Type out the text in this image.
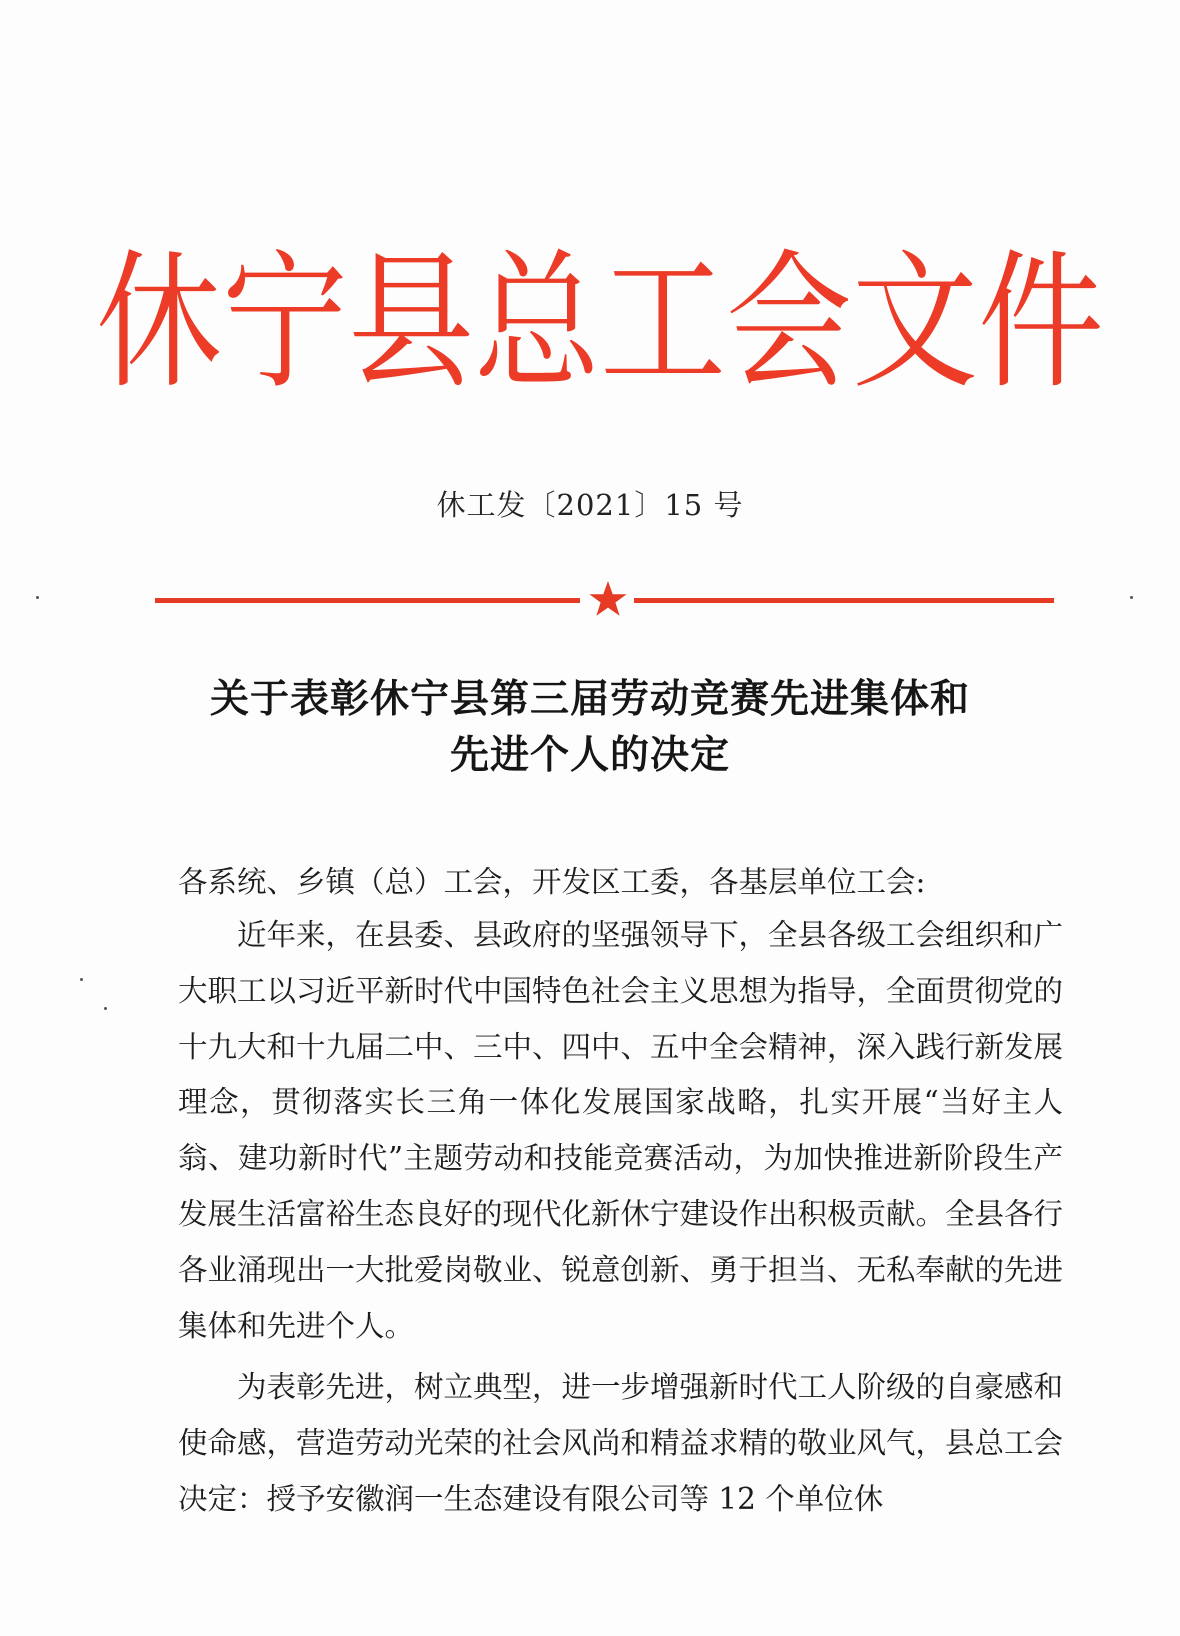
休宁县总工会文件
休工发〔2021〕15 号
关于表彰休宁县第三届劳动竞赛先进集体和
先进个人的决定
各系统、乡镇（总）工会，开发区工委，各基层单位工会:
近年来，在县委、县政府的坚强领导下，全县各级工会组织和广大职工以习近平新时代中国特色社会主义思想为指导，全面贯彻党的十九大和十九届二中、三中、四中、五中全会精神，深入践行新发展理念，贯彻落实长三角一体化发展国家战略，扎实开展“当好主人翁、建功新时代”主题劳动和技能竞赛活动，为加快推进新阶段生产发展生活富裕生态良好的现代化新休宁建设作出积极贡献。全县各行各业涌现出一大批爱岗敬业、锐意创新、勇于担当、无私奉献的先进集体和先进个人。
为表彰先进，树立典型，进一步增强新时代工人阶级的自豪感和使命感，营造劳动光荣的社会风尚和精益求精的敬业风气，县总工会决定：授予安徽润一生态建设有限公司等 12 个单位休
